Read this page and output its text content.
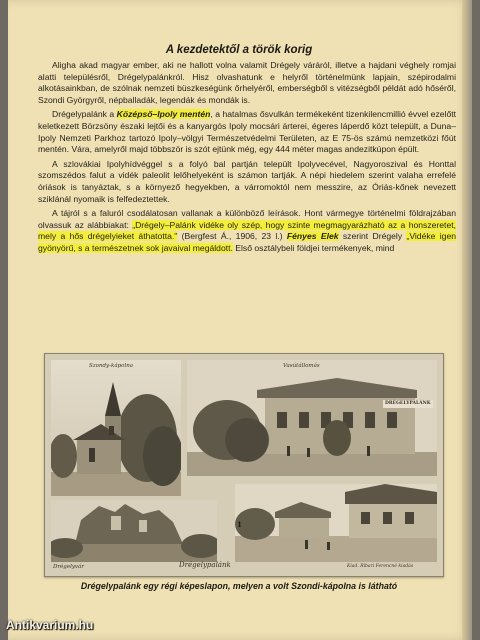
A kezdetektől a török korig

Aligha akad magyar ember, aki ne hallott volna valamit Drégely váráról, illetve a hajdani véghely romjai alatti településről, Drégelypalánkról. Hisz olvashatunk e helyről történelmünk lapjain, szépirodalmi alkotásainkban, de szólnak nemzeti büszkeségünk őrhelyéről, emberségből s vitézségből példát adó hőséről, Szondi Györgyről, népballadák, legendák és mondák is.

Drégelypalánk a Középső–Ipoly mentén, a hatalmas ősvulkán termékeként tizenkilencmillió évvel ezelőtt keletkezett Börzsöny északi lejtői és a kanyargós Ipoly mocsári árterei, égeres láperdő közt települt, a Duna–Ipoly Nemzeti Parkhoz tartozó Ipoly–völgyi Természetvédelmi Területen, az E 75-ös számú nemzetközi főút mentén. Vára, amelyről majd többször is szót ejtünk még, egy 444 méter magas andezitkúpon épült.

A szlovákiai Ipolyhídvéggel s a folyó bal partján települt Ipolyvecével, Nagyoroszival és Honttal szomszédos falut a vidék paleolit lelőhelyeként is számon tartják. A népi hiedelem szerint valaha errefelé óriások is tanyáztak, s a környező hegyekben, a várromoktól nem messzire, az Óriás-kőnek nevezett sziklánál nyomaik is felfedeztettek.

A tájról s a faluról csodálatosan vallanak a különböző leírások. Hont vármegye történelmi földrajzában olvassuk az alábbiakat: „Drégely–Palánk vidéke oly szép, hogy szinte megmagyarázható az a honszeretet, mely a hős drégelyieket áthatotta." (Bergfest Á., 1906, 23 l.) Fényes Elek szerint Drégely „Vidéke igen gyönyörű, s a természetnek sok javaival megáldott. Első osztálybeli földjei termékenyek, mind

Szondy-kápolna	Vasútállomás
DRÉGELYPALÁNK
Drégelyvár	Drégelypalánk
1
Kiad. Ribari Ferencné kiadás
Drégelypalánk egy régi képeslapon, melyen a volt Szondi-kápolna is látható
Antikvarium.hu
